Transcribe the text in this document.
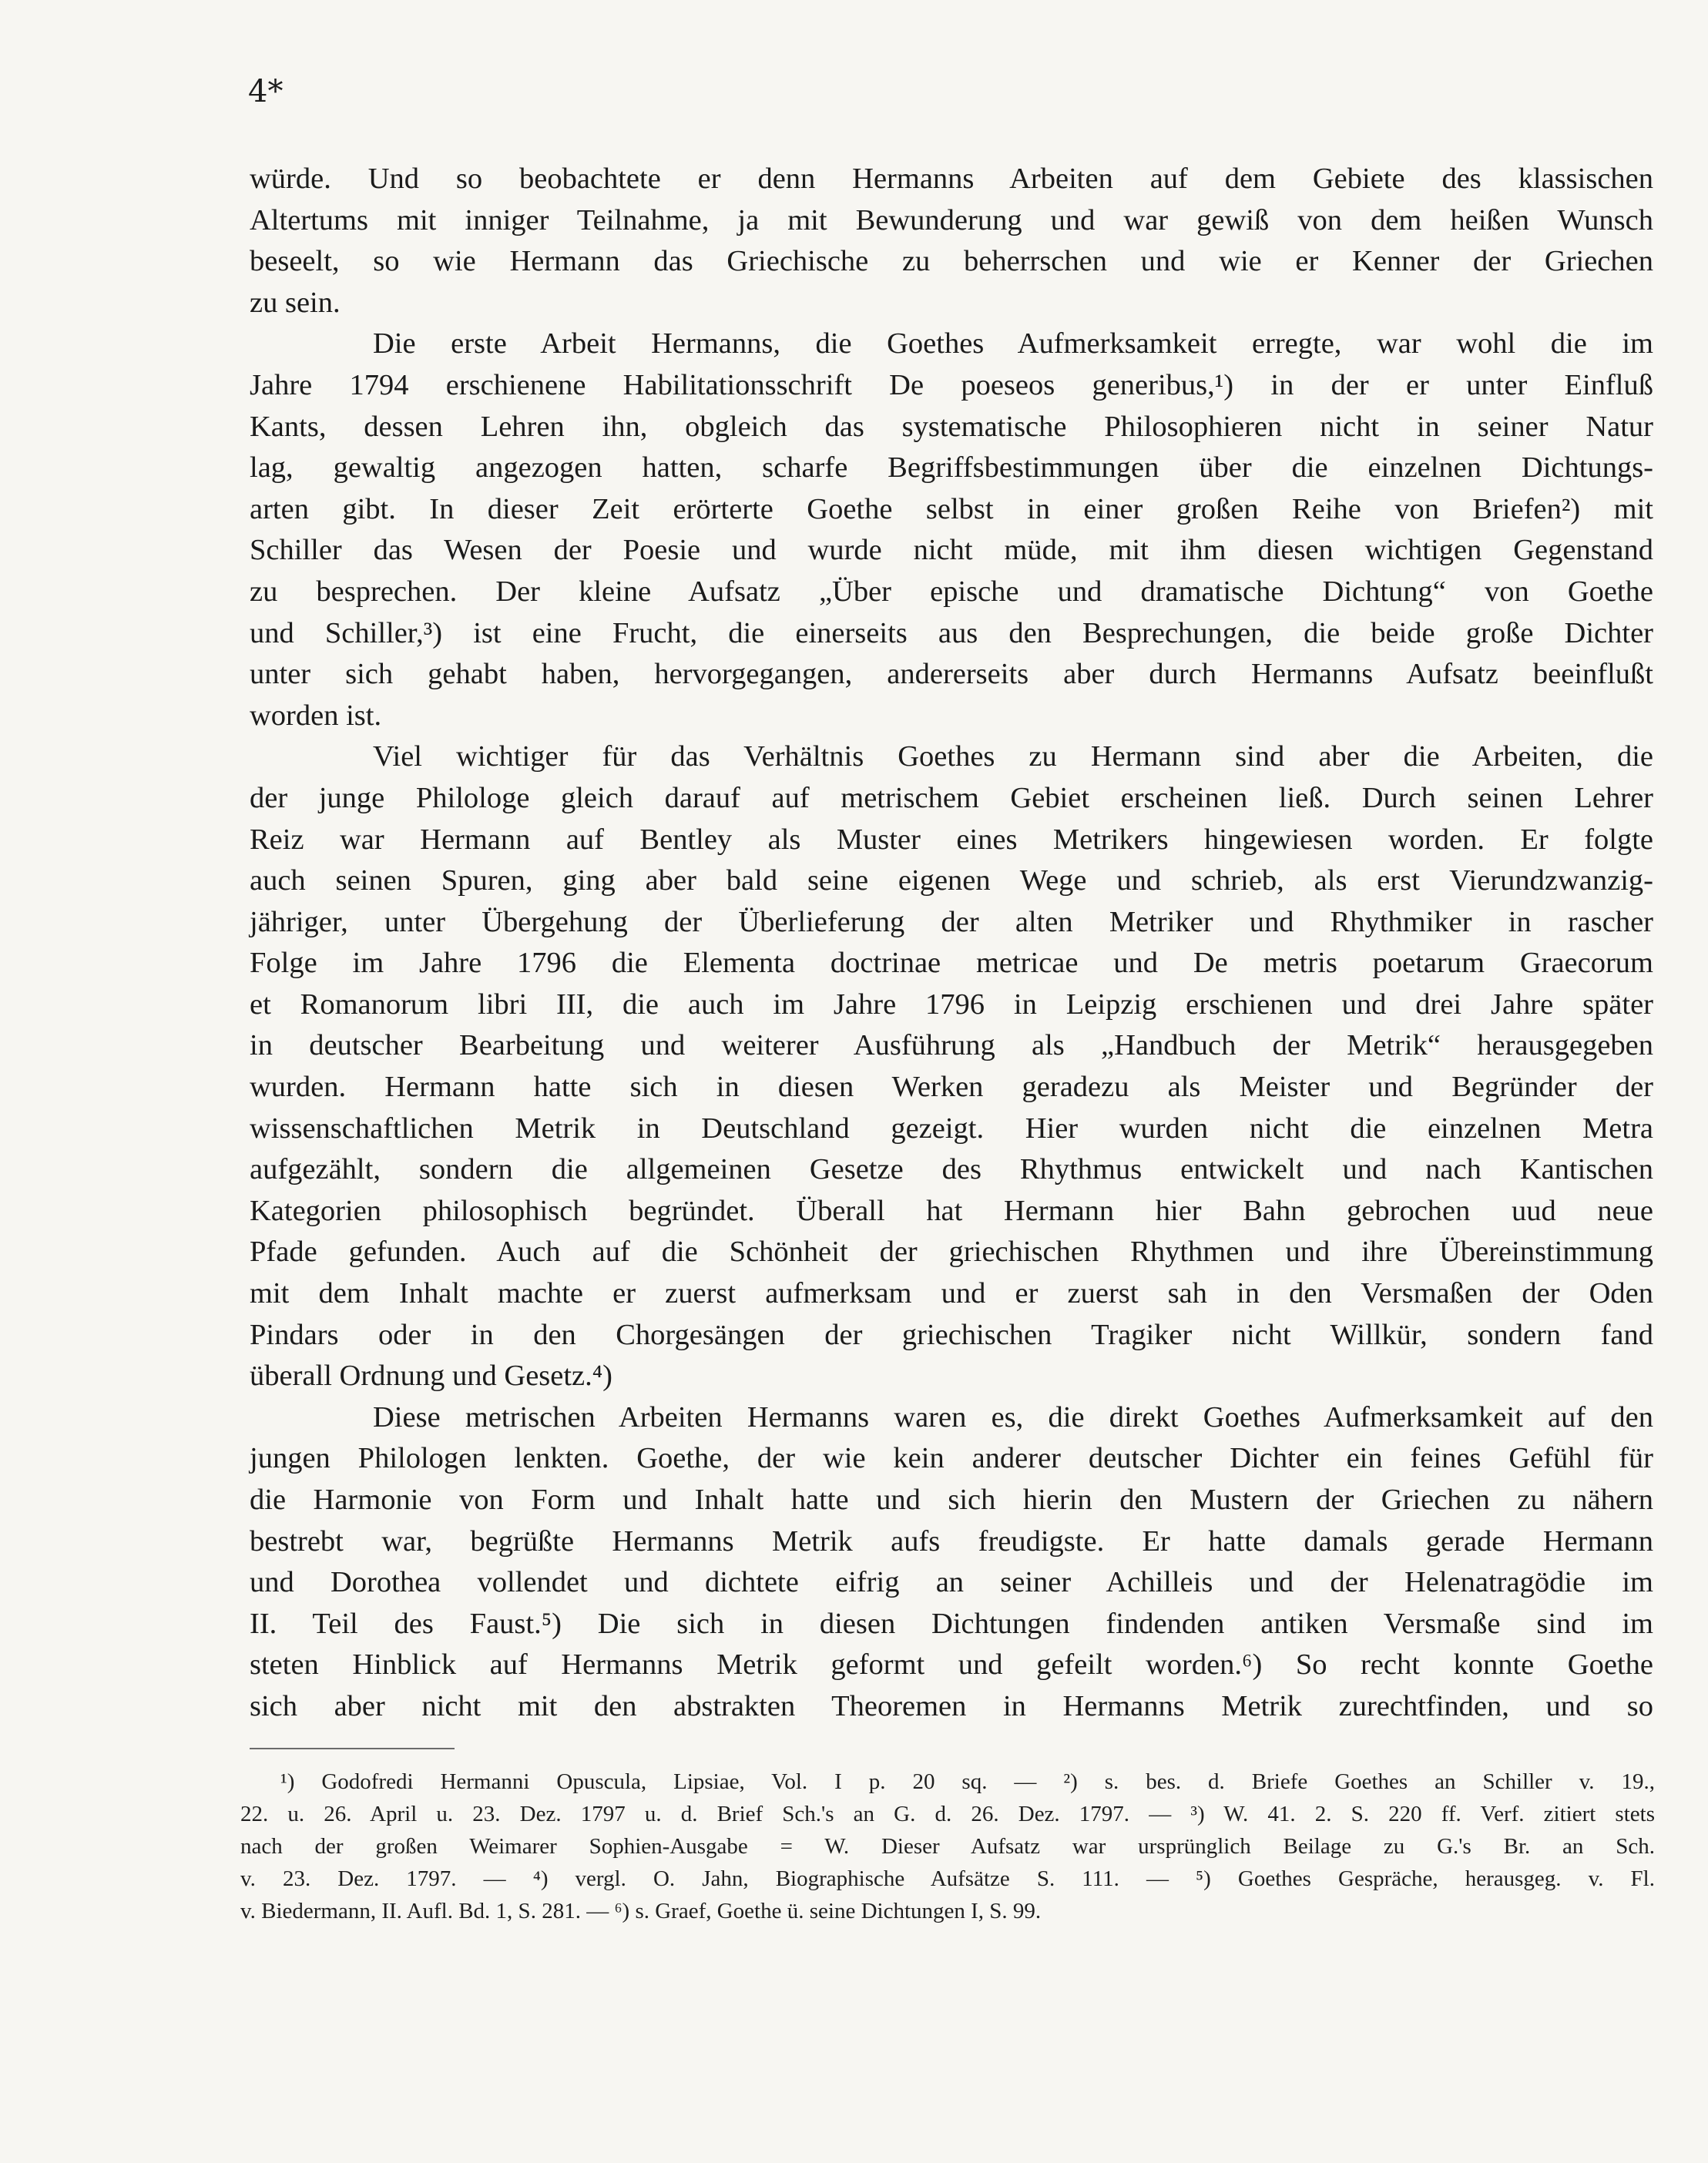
4*
würde. Und so beobachtete er denn Hermanns Arbeiten auf dem Gebiete des klassischen
Altertums mit inniger Teilnahme, ja mit Bewunderung und war gewiß von dem heißen Wunsch
beseelt, so wie Hermann das Griechische zu beherrschen und wie er Kenner der Griechen
zu sein.
Die erste Arbeit Hermanns, die Goethes Aufmerksamkeit erregte, war wohl die im
Jahre 1794 erschienene Habilitationsschrift De poeseos generibus,¹) in der er unter Einfluß
Kants, dessen Lehren ihn, obgleich das systematische Philosophieren nicht in seiner Natur
lag, gewaltig angezogen hatten, scharfe Begriffsbestimmungen über die einzelnen Dichtungs-
arten gibt. In dieser Zeit erörterte Goethe selbst in einer großen Reihe von Briefen²) mit
Schiller das Wesen der Poesie und wurde nicht müde, mit ihm diesen wichtigen Gegenstand
zu besprechen. Der kleine Aufsatz „Über epische und dramatische Dichtung“ von Goethe
und Schiller,³) ist eine Frucht, die einerseits aus den Besprechungen, die beide große Dichter
unter sich gehabt haben, hervorgegangen, andererseits aber durch Hermanns Aufsatz beeinflußt
worden ist.
Viel wichtiger für das Verhältnis Goethes zu Hermann sind aber die Arbeiten, die
der junge Philologe gleich darauf auf metrischem Gebiet erscheinen ließ. Durch seinen Lehrer
Reiz war Hermann auf Bentley als Muster eines Metrikers hingewiesen worden. Er folgte
auch seinen Spuren, ging aber bald seine eigenen Wege und schrieb, als erst Vierundzwanzig-
jähriger, unter Übergehung der Überlieferung der alten Metriker und Rhythmiker in rascher
Folge im Jahre 1796 die Elementa doctrinae metricae und De metris poetarum Graecorum
et Romanorum libri III, die auch im Jahre 1796 in Leipzig erschienen und drei Jahre später
in deutscher Bearbeitung und weiterer Ausführung als „Handbuch der Metrik“ herausgegeben
wurden. Hermann hatte sich in diesen Werken geradezu als Meister und Begründer der
wissenschaftlichen Metrik in Deutschland gezeigt. Hier wurden nicht die einzelnen Metra
aufgezählt, sondern die allgemeinen Gesetze des Rhythmus entwickelt und nach Kantischen
Kategorien philosophisch begründet. Überall hat Hermann hier Bahn gebrochen uud neue
Pfade gefunden. Auch auf die Schönheit der griechischen Rhythmen und ihre Übereinstimmung
mit dem Inhalt machte er zuerst aufmerksam und er zuerst sah in den Versmaßen der Oden
Pindars oder in den Chorgesängen der griechischen Tragiker nicht Willkür, sondern fand
überall Ordnung und Gesetz.⁴)
Diese metrischen Arbeiten Hermanns waren es, die direkt Goethes Aufmerksamkeit auf den
jungen Philologen lenkten. Goethe, der wie kein anderer deutscher Dichter ein feines Gefühl für
die Harmonie von Form und Inhalt hatte und sich hierin den Mustern der Griechen zu nähern
bestrebt war, begrüßte Hermanns Metrik aufs freudigste. Er hatte damals gerade Hermann
und Dorothea vollendet und dichtete eifrig an seiner Achilleis und der Helenatragödie im
II. Teil des Faust.⁵) Die sich in diesen Dichtungen findenden antiken Versmaße sind im
steten Hinblick auf Hermanns Metrik geformt und gefeilt worden.⁶) So recht konnte Goethe
sich aber nicht mit den abstrakten Theoremen in Hermanns Metrik zurechtfinden, und so
¹) Godofredi Hermanni Opuscula, Lipsiae, Vol. I p. 20 sq. — ²) s. bes. d. Briefe Goethes an Schiller v. 19.,
22. u. 26. April u. 23. Dez. 1797 u. d. Brief Sch.'s an G. d. 26. Dez. 1797. — ³) W. 41. 2. S. 220 ff. Verf. zitiert stets
nach der großen Weimarer Sophien-Ausgabe = W. Dieser Aufsatz war ursprünglich Beilage zu G.'s Br. an Sch.
v. 23. Dez. 1797. — ⁴) vergl. O. Jahn, Biographische Aufsätze S. 111. — ⁵) Goethes Gespräche, herausgeg. v. Fl.
v. Biedermann, II. Aufl. Bd. 1, S. 281. — ⁶) s. Graef, Goethe ü. seine Dichtungen I, S. 99.
